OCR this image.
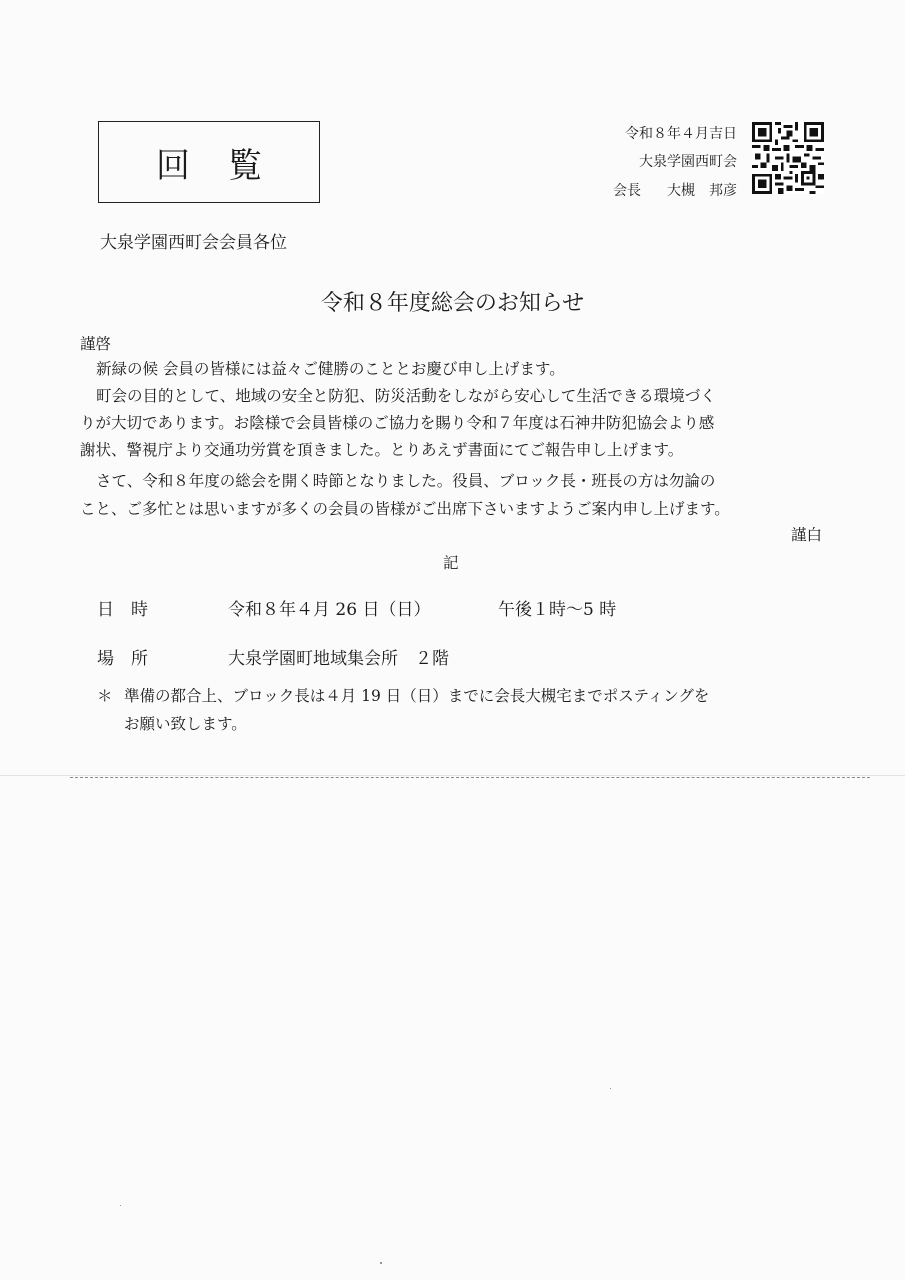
回覧
令和８年４月吉日
大泉学園西町会
会長 大槻　邦彦
大泉学園西町会会員各位
令和８年度総会のお知らせ
謹啓
新緑の候 会員の皆様には益々ご健勝のこととお慶び申し上げます。
町会の目的として、地域の安全と防犯、防災活動をしながら安心して生活できる環境づく
りが大切であります。お陰様で会員皆様のご協力を賜り令和７年度は石神井防犯協会より感
謝状、警視庁より交通功労賞を頂きました。とりあえず書面にてご報告申し上げます。
さて、令和８年度の総会を開く時節となりました。役員、ブロック長・班長の方は勿論の
こと、ご多忙とは思いますが多くの会員の皆様がご出席下さいますようご案内申し上げます。
謹白
記
日　時	令和８年４月 26 日（日）	午後１時～5 時
場　所	大泉学園町地域集会所　２階
＊ 準備の都合上、ブロック長は４月 19 日（日）までに会長大槻宅までポスティングを
お願い致します。
